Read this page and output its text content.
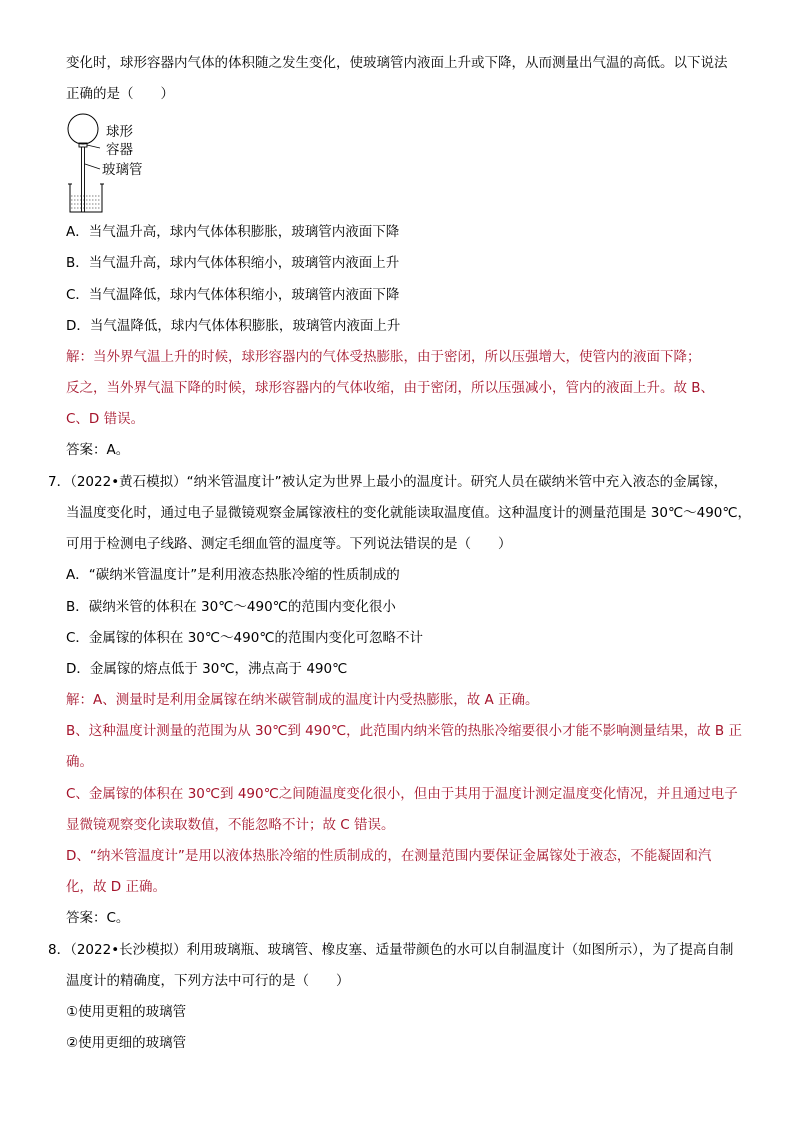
变化时，球形容器内气体的体积随之发生变化，使玻璃管内液面上升或下降，从而测量出气温的高低。以下说法
正确的是（　　）
球形
容器
玻璃管
A．当气温升高，球内气体体积膨胀，玻璃管内液面下降
B．当气温升高，球内气体体积缩小，玻璃管内液面上升
C．当气温降低，球内气体体积缩小，玻璃管内液面下降
D．当气温降低，球内气体体积膨胀，玻璃管内液面上升
解：当外界气温上升的时候，球形容器内的气体受热膨胀，由于密闭，所以压强增大，使管内的液面下降；
反之，当外界气温下降的时候，球形容器内的气体收缩，由于密闭，所以压强减小，管内的液面上升。故 B、
C、D 错误。
答案：A。
7．（2022•黄石模拟）“纳米管温度计”被认定为世界上最小的温度计。研究人员在碳纳米管中充入液态的金属镓，
当温度变化时，通过电子显微镜观察金属镓液柱的变化就能读取温度值。这种温度计的测量范围是 30℃～490℃，
可用于检测电子线路、测定毛细血管的温度等。下列说法错误的是（　　）
A．“碳纳米管温度计”是利用液态热胀冷缩的性质制成的
B．碳纳米管的体积在 30℃～490℃的范围内变化很小
C．金属镓的体积在 30℃～490℃的范围内变化可忽略不计
D．金属镓的熔点低于 30℃，沸点高于 490℃
解：A、测量时是利用金属镓在纳米碳管制成的温度计内受热膨胀，故 A 正确。
B、这种温度计测量的范围为从 30℃到 490℃，此范围内纳米管的热胀冷缩要很小才能不影响测量结果，故 B 正
确。
C、金属镓的体积在 30℃到 490℃之间随温度变化很小，但由于其用于温度计测定温度变化情况，并且通过电子
显微镜观察变化读取数值，不能忽略不计；故 C 错误。
D、“纳米管温度计”是用以液体热胀冷缩的性质制成的，在测量范围内要保证金属镓处于液态，不能凝固和汽
化，故 D 正确。
答案：C。
8．（2022•长沙模拟）利用玻璃瓶、玻璃管、橡皮塞、适量带颜色的水可以自制温度计（如图所示），为了提高自制
温度计的精确度，下列方法中可行的是（　　）
①使用更粗的玻璃管
②使用更细的玻璃管
